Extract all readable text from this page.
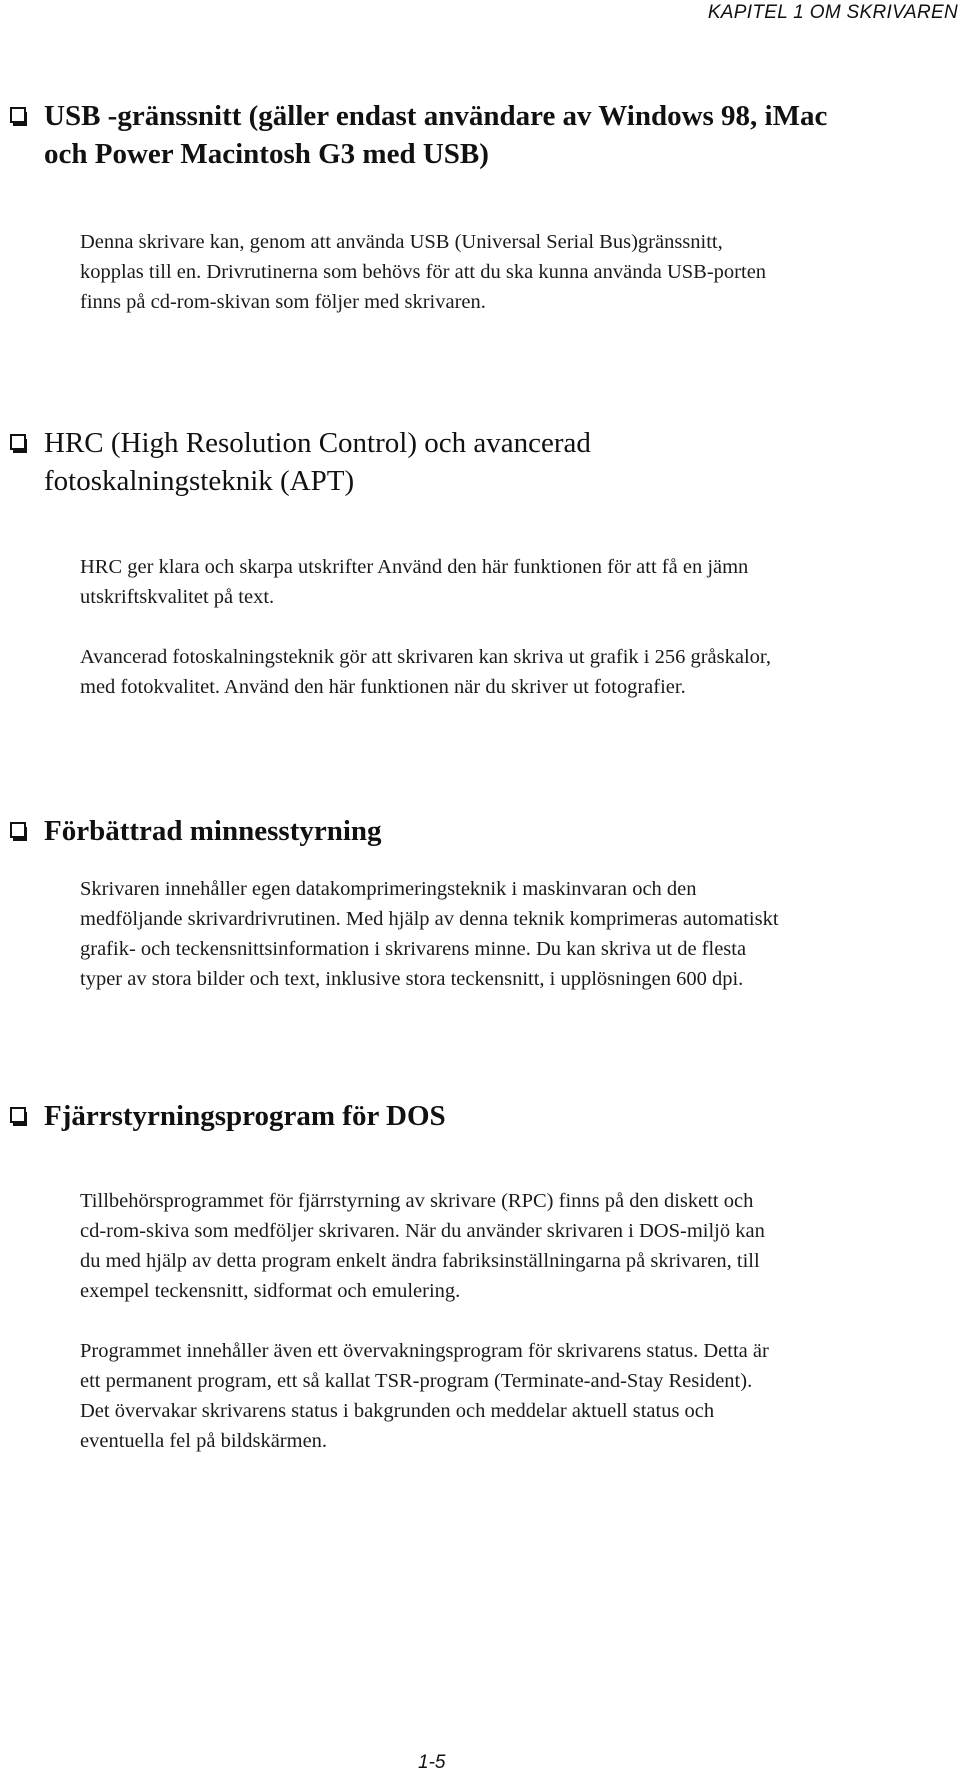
KAPITEL 1 OM SKRIVAREN
USB -gränssnitt (gäller endast användare av Windows 98, iMac
och Power Macintosh G3 med USB)

Denna skrivare kan, genom att använda USB (Universal Serial Bus)gränssnitt,
kopplas till en. Drivrutinerna som behövs för att du ska kunna använda USB-porten
finns på cd-rom-skivan som följer med skrivaren.

HRC (High Resolution Control) och avancerad
fotoskalningsteknik (APT)

HRC ger klara och skarpa utskrifter Använd den här funktionen för att få en jämn
utskriftskvalitet på text.

Avancerad fotoskalningsteknik gör att skrivaren kan skriva ut grafik i 256 gråskalor,
med fotokvalitet. Använd den här funktionen när du skriver ut fotografier.

Förbättrad minnesstyrning

Skrivaren innehåller egen datakomprimeringsteknik i maskinvaran och den
medföljande skrivardrivrutinen. Med hjälp av denna teknik komprimeras automatiskt
grafik- och teckensnittsinformation i skrivarens minne. Du kan skriva ut de flesta
typer av stora bilder och text, inklusive stora teckensnitt, i upplösningen 600 dpi.

Fjärrstyrningsprogram för DOS

Tillbehörsprogrammet för fjärrstyrning av skrivare (RPC) finns på den diskett och
cd-rom-skiva som medföljer skrivaren. När du använder skrivaren i DOS-miljö kan
du med hjälp av detta program enkelt ändra fabriksinställningarna på skrivaren, till
exempel teckensnitt, sidformat och emulering.

Programmet innehåller även ett övervakningsprogram för skrivarens status. Detta är
ett permanent program, ett så kallat TSR-program (Terminate-and-Stay Resident).
Det övervakar skrivarens status i bakgrunden och meddelar aktuell status och
eventuella fel på bildskärmen.

1-5
